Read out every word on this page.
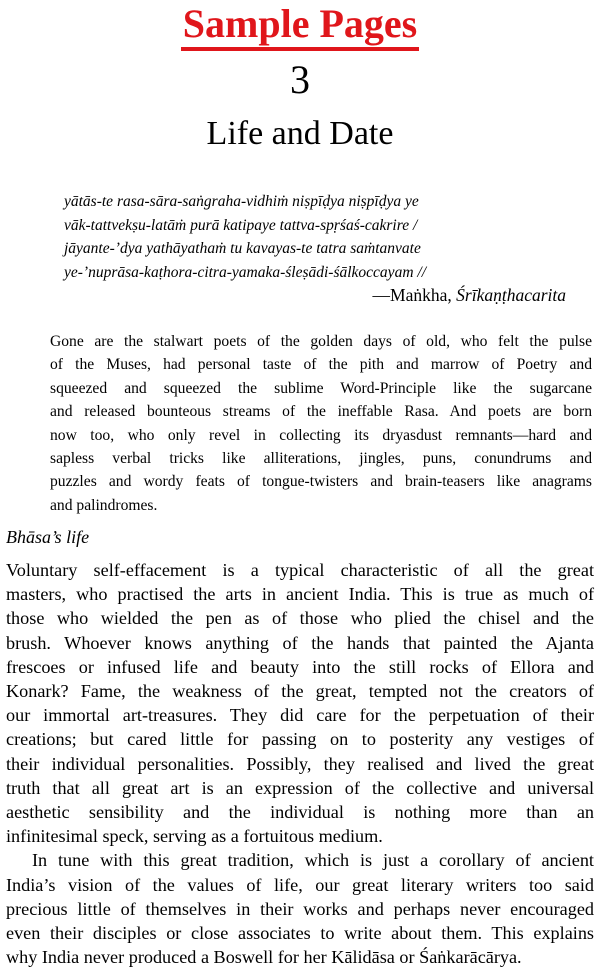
Sample Pages
3
Life and Date
yātās-te rasa-sāra-saṅgraha-vidhiṁ niṣpīḍya niṣpīḍya ye
vāk-tattvekṣu-latāṁ purā katipaye tattva-spṛśaś-cakrire /
jāyante-’dya yathāyathaṁ tu kavayas-te tatra saṁtanvate
ye-’nuprāsa-kaṭhora-citra-yamaka-śleṣādi-śālkoccayam //
—Maṅkha, Śrīkaṇṭhacarita
Gone are the stalwart poets of the golden days of old, who felt the pulse
of the Muses, had personal taste of the pith and marrow of Poetry and
squeezed and squeezed the sublime Word-Principle like the sugarcane
and released bounteous streams of the ineffable Rasa. And poets are born
now too, who only revel in collecting its dryasdust remnants—hard and
sapless verbal tricks like alliterations, jingles, puns, conundrums and
puzzles and wordy feats of tongue-twisters and brain-teasers like anagrams
and palindromes.
Bhāsa’s life
Voluntary self-effacement is a typical characteristic of all the great
masters, who practised the arts in ancient India. This is true as much of
those who wielded the pen as of those who plied the chisel and the
brush. Whoever knows anything of the hands that painted the Ajanta
frescoes or infused life and beauty into the still rocks of Ellora and
Konark? Fame, the weakness of the great, tempted not the creators of
our immortal art-treasures. They did care for the perpetuation of their
creations; but cared little for passing on to posterity any vestiges of
their individual personalities. Possibly, they realised and lived the great
truth that all great art is an expression of the collective and universal
aesthetic sensibility and the individual is nothing more than an
infinitesimal speck, serving as a fortuitous medium.
In tune with this great tradition, which is just a corollary of ancient
India’s vision of the values of life, our great literary writers too said
precious little of themselves in their works and perhaps never encouraged
even their disciples or close associates to write about them. This explains
why India never produced a Boswell for her Kālidāsa or Śaṅkarācārya.
